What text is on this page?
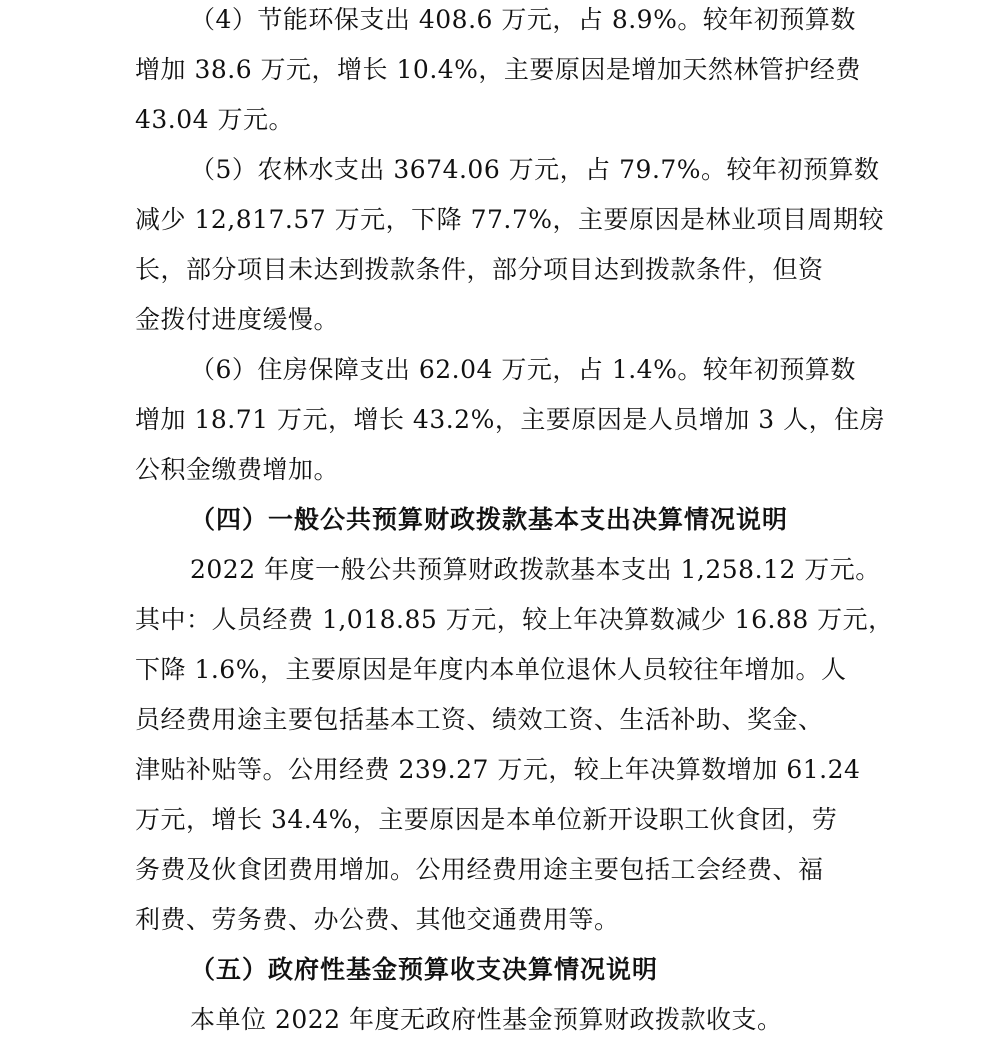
（4）节能环保支出 408.6 万元，占 8.9%。较年初预算数
增加 38.6 万元，增长 10.4%，主要原因是增加天然林管护经费
43.04 万元。
（5）农林水支出 3674.06 万元，占 79.7%。较年初预算数
减少 12,817.57 万元，下降 77.7%，主要原因是林业项目周期较
长，部分项目未达到拨款条件，部分项目达到拨款条件，但资
金拨付进度缓慢。
（6）住房保障支出 62.04 万元，占 1.4%。较年初预算数
增加 18.71 万元，增长 43.2%，主要原因是人员增加 3 人，住房
公积金缴费增加。
（四）一般公共预算财政拨款基本支出决算情况说明
2022 年度一般公共预算财政拨款基本支出 1,258.12 万元。
其中：人员经费 1,018.85 万元，较上年决算数减少 16.88 万元，
下降 1.6%，主要原因是年度内本单位退休人员较往年增加。人
员经费用途主要包括基本工资、绩效工资、生活补助、奖金、
津贴补贴等。公用经费 239.27 万元，较上年决算数增加 61.24
万元，增长 34.4%，主要原因是本单位新开设职工伙食团，劳
务费及伙食团费用增加。公用经费用途主要包括工会经费、福
利费、劳务费、办公费、其他交通费用等。
（五）政府性基金预算收支决算情况说明
本单位 2022 年度无政府性基金预算财政拨款收支。
